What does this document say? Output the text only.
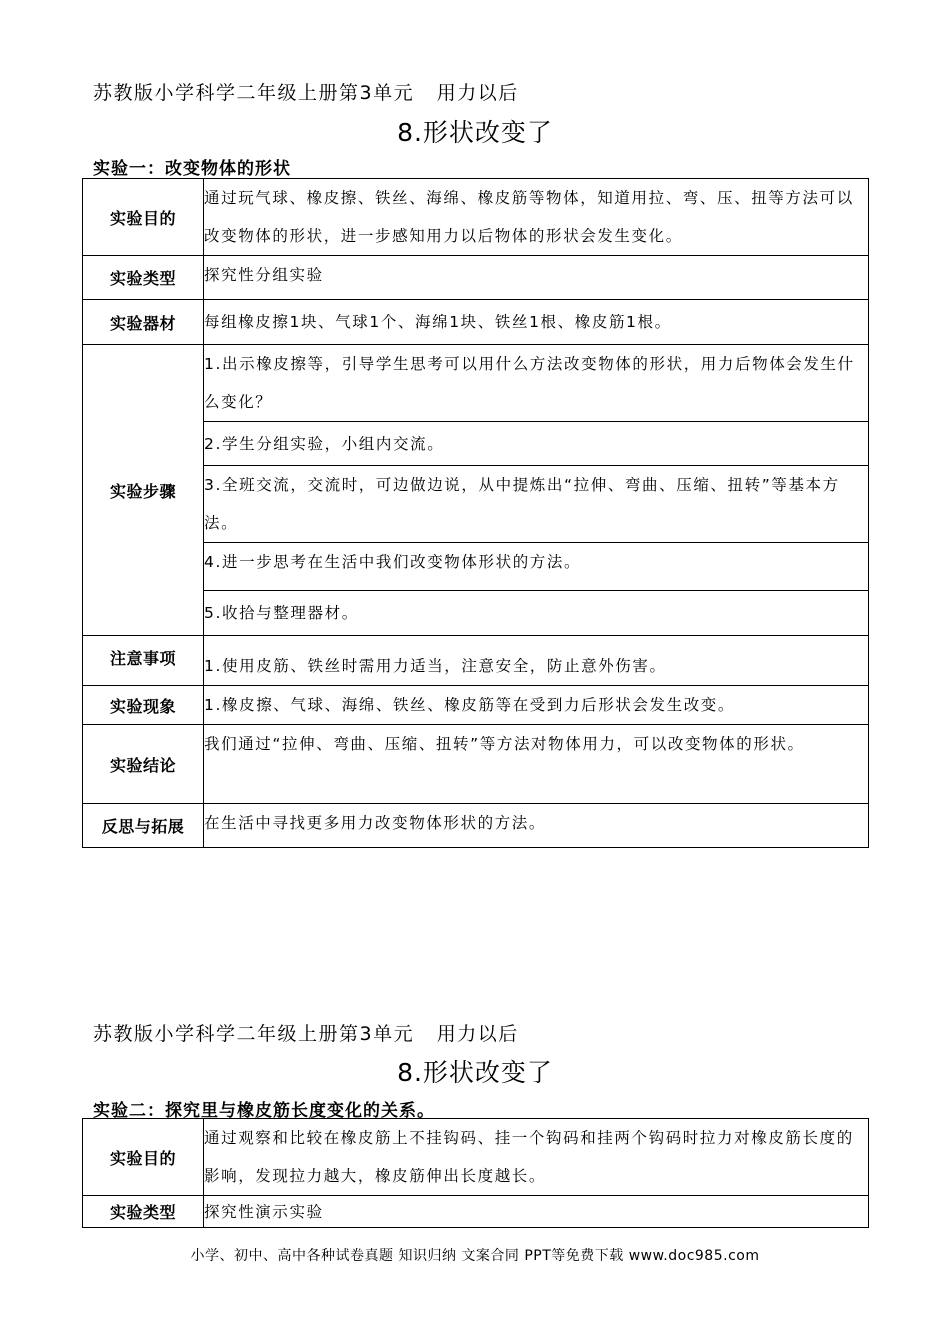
苏教版小学科学二年级上册第3单元   用力以后
8.形状改变了
实验一：改变物体的形状
实验目的	通过玩气球、橡皮擦、铁丝、海绵、橡皮筋等物体，知道用拉、弯、压、扭等方法可以改变物体的形状，进一步感知用力以后物体的形状会发生变化。
实验类型	探究性分组实验
实验器材	每组橡皮擦1块、气球1个、海绵1块、铁丝1根、橡皮筋1根。
实验步骤	1.出示橡皮擦等，引导学生思考可以用什么方法改变物体的形状，用力后物体会发生什么变化？
	2.学生分组实验，小组内交流。
	3.全班交流，交流时，可边做边说，从中提炼出“拉伸、弯曲、压缩、扭转”等基本方法。
	4.进一步思考在生活中我们改变物体形状的方法。
	5.收拾与整理器材。
注意事项	1.使用皮筋、铁丝时需用力适当，注意安全，防止意外伤害。
实验现象	1.橡皮擦、气球、海绵、铁丝、橡皮筋等在受到力后形状会发生改变。
实验结论	我们通过“拉伸、弯曲、压缩、扭转”等方法对物体用力，可以改变物体的形状。
反思与拓展	在生活中寻找更多用力改变物体形状的方法。
苏教版小学科学二年级上册第3单元   用力以后
8.形状改变了
实验二：探究里与橡皮筋长度变化的关系。
实验目的	通过观察和比较在橡皮筋上不挂钩码、挂一个钩码和挂两个钩码时拉力对橡皮筋长度的影响，发现拉力越大，橡皮筋伸出长度越长。
实验类型	探究性演示实验
小学、初中、高中各种试卷真题 知识归纳 文案合同 PPT等免费下载 www.doc985.com
